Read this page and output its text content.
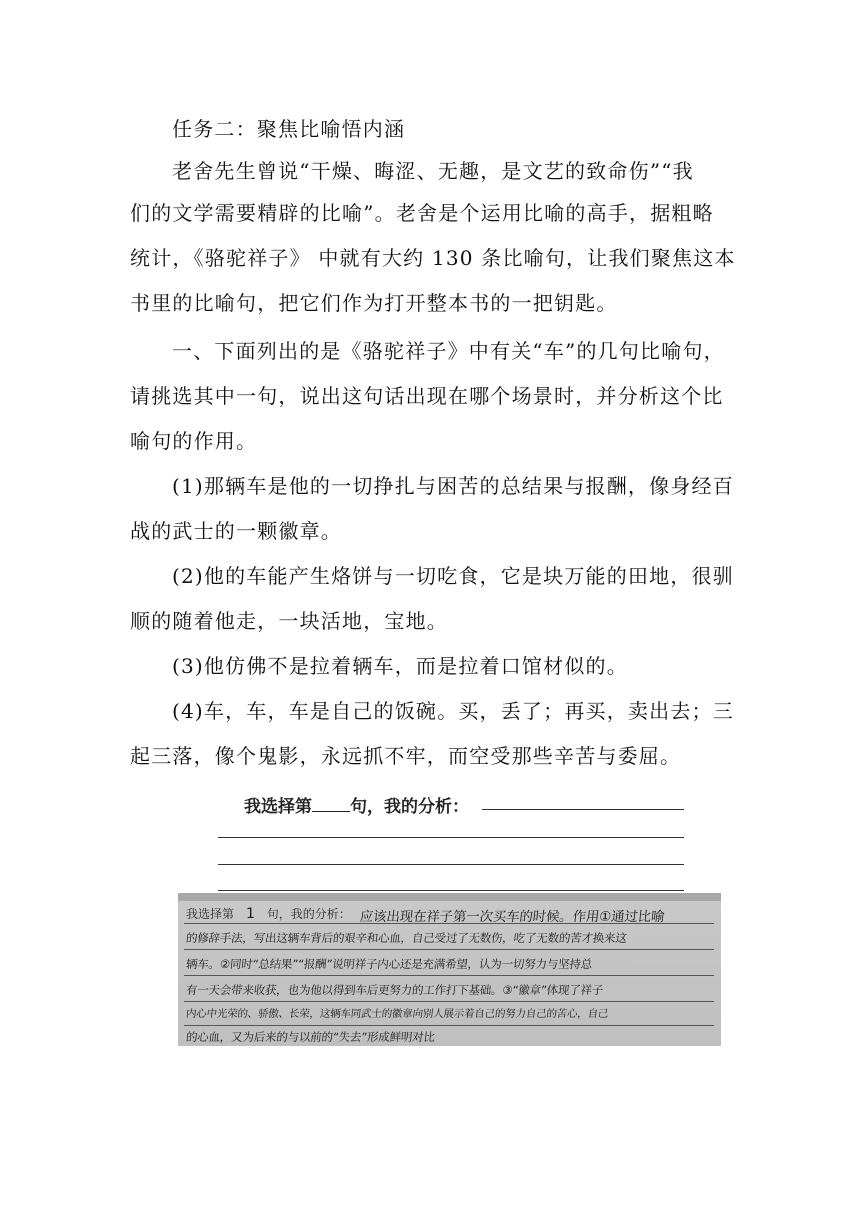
任务二：聚焦比喻悟内涵
老舍先生曾说“干燥、晦涩、无趣，是文艺的致命伤”“我
们的文学需要精辟的比喻”。老舍是个运用比喻的高手，据粗略
统计，《骆驼祥子》 中就有大约 130 条比喻句，让我们聚焦这本
书里的比喻句，把它们作为打开整本书的一把钥匙。
一、下面列出的是《骆驼祥子》中有关“车”的几句比喻句，
请挑选其中一句，说出这句话出现在哪个场景时，并分析这个比
喻句的作用。
(1)那辆车是他的一切挣扎与困苦的总结果与报酬，像身经百
战的武士的一颗徽章。
(2)他的车能产生烙饼与一切吃食，它是块万能的田地，很驯
顺的随着他走，一块活地，宝地。
(3)他仿佛不是拉着辆车，而是拉着口馆材似的。
(4)车，车，车是自己的饭碗。买，丢了；再买，卖出去；三
起三落，像个鬼影，永远抓不牢，而空受那些辛苦与委屈。
我选择第 句，我的分析：
我选择第 1 句，我的分析： 应该出现在祥子第一次买车的时候。作用①通过比喻
的修辞手法，写出这辆车背后的艰辛和心血，自己受过了无数伤，吃了无数的苦才换来这
辆车。②同时“总结果”“报酬”说明祥子内心还是充满希望，认为一切努力与坚持总
有一天会带来收获，也为他以得到车后更努力的工作打下基础。③“徽章”体现了祥子
内心中光荣的、骄傲、长荣，这辆车同武士的徽章向别人展示着自己的努力自己的苦心，自己
的心血，又为后来的与以前的“失去”形成鲜明对比
